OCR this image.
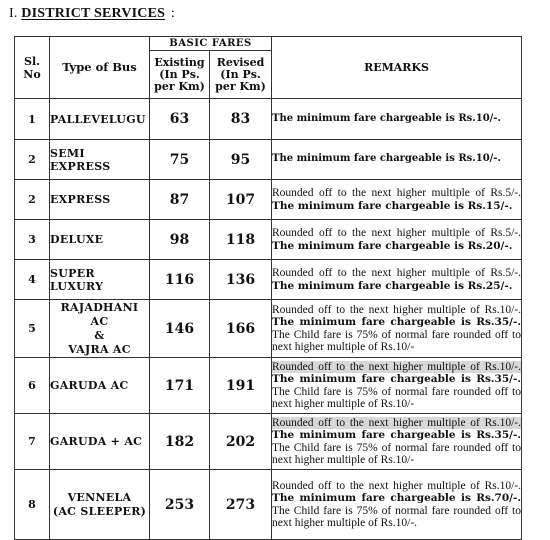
I. DISTRICT SERVICES :
Sl. No	Type of Bus	BASIC FARES		REMARKS
		Existing (In Ps. per Km)	Revised (In Ps. per Km)	
1	PALLEVELUGU	63	83	The minimum fare chargeable is Rs.10/-.
2	SEMI EXPRESS	75	95	The minimum fare chargeable is Rs.10/-.
2	EXPRESS	87	107	Rounded off to the next higher multiple of Rs.5/-. The minimum fare chargeable is Rs.15/-.
3	DELUXE	98	118	Rounded off to the next higher multiple of Rs.5/-. The minimum fare chargeable is Rs.20/-.
4	SUPER LUXURY	116	136	Rounded off to the next higher multiple of Rs.5/-. The minimum fare chargeable is Rs.25/-.
5	RAJADHANI AC
&
VAJRA AC	146	166	Rounded off to the next higher multiple of Rs.10/-. The minimum fare chargeable is Rs.35/-. The Child fare is 75% of normal fare rounded off to next higher multiple of Rs.10/-
6	GARUDA AC	171	191	Rounded off to the next higher multiple of Rs.10/-. The minimum fare chargeable is Rs.35/-. The Child fare is 75% of normal fare rounded off to next higher multiple of Rs.10/-
7	GARUDA + AC	182	202	Rounded off to the next higher multiple of Rs.10/-. The minimum fare chargeable is Rs.35/-. The Child fare is 75% of normal fare rounded off to next higher multiple of Rs.10/-
8	VENNELA
(AC SLEEPER)	253	273	Rounded off to the next higher multiple of Rs.10/-. The minimum fare chargeable is Rs.70/-. The Child fare is 75% of normal fare rounded off to next higher multiple of Rs.10/-.
